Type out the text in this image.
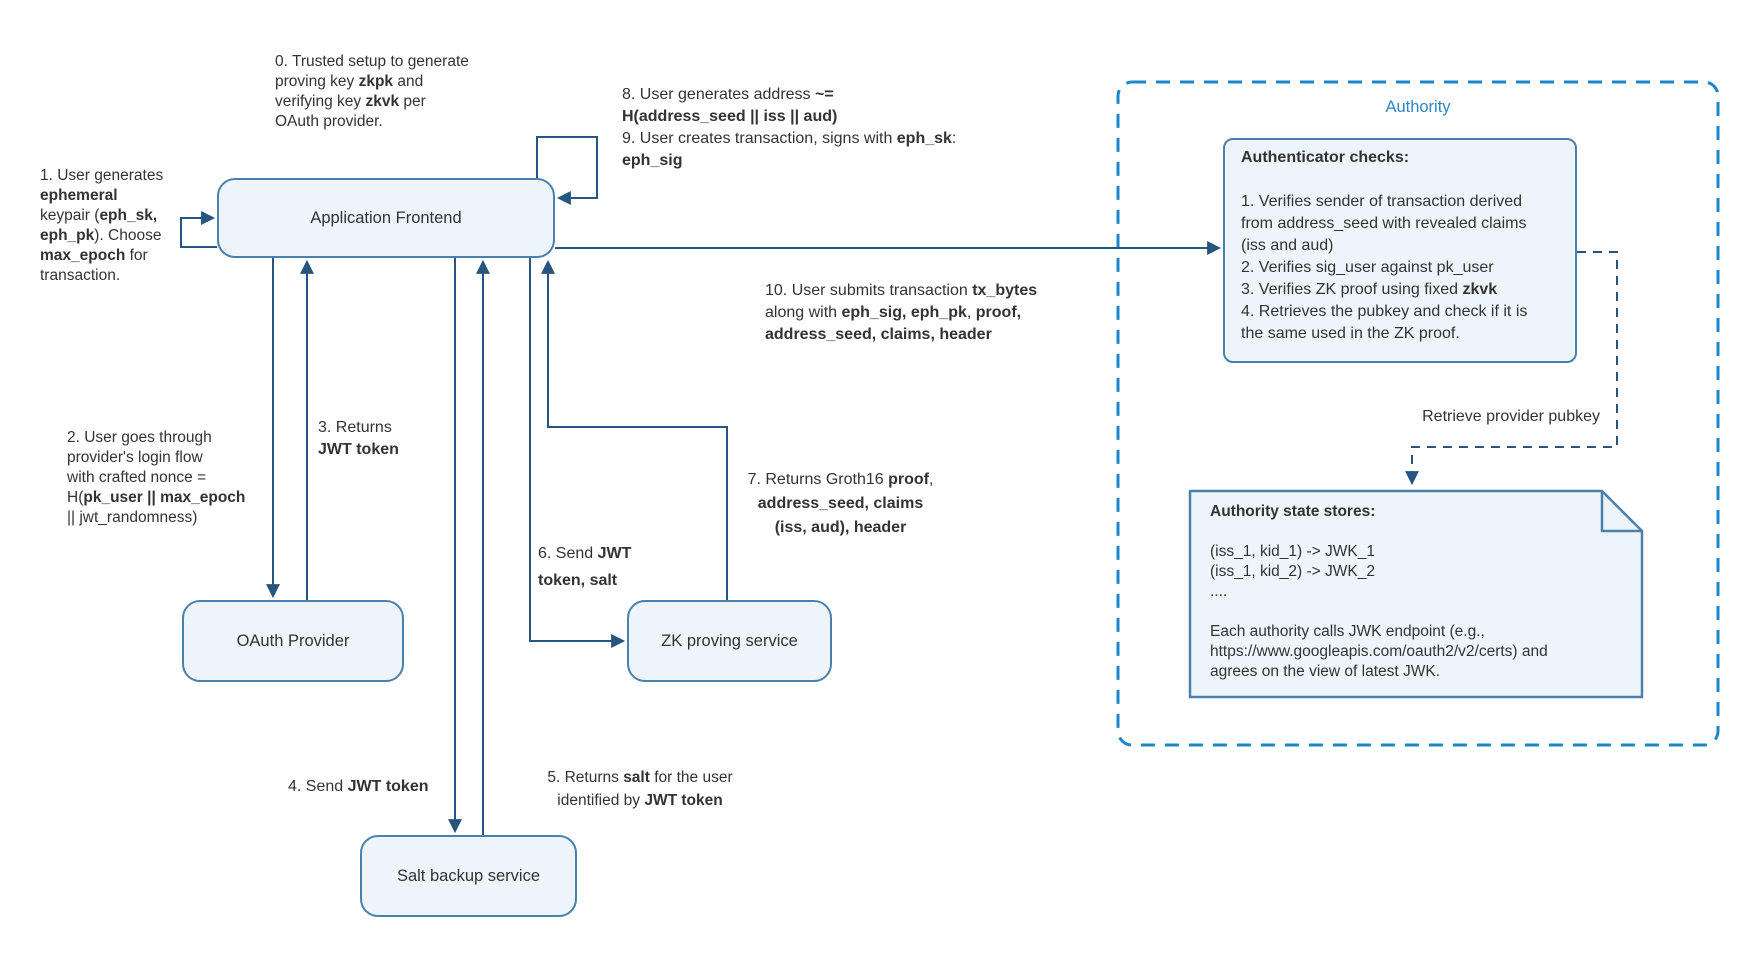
Application Frontend
OAuth Provider	ZK proving service
Salt backup service
Authority
Authenticator checks:

1. Verifies sender of transaction derived
from address_seed with revealed claims
(iss and aud)
2. Verifies sig_user against pk_user
3. Verifies ZK proof using fixed zkvk
4. Retrieves the pubkey and check if it is
the same used in the ZK proof.
Authority state stores:

(iss_1, kid_1) -> JWK_1
(iss_1, kid_2) -> JWK_2
....

Each authority calls JWK endpoint (e.g.,
https://www.googleapis.com/oauth2/v2/certs) and
agrees on the view of latest JWK.
Retrieve provider pubkey
0. Trusted setup to generate
proving key zkpk and
verifying key zkvk per
OAuth provider.
1. User generates
ephemeral
keypair (eph_sk,
eph_pk). Choose
max_epoch for
transaction.
2. User goes through
provider's login flow
with crafted nonce =
H(pk_user || max_epoch
|| jwt_randomness)
3. Returns
JWT token
4. Send JWT token
5. Returns salt for the user
identified by JWT token
6. Send JWT
token, salt
7. Returns Groth16 proof,
address_seed, claims
(iss, aud), header
8. User generates address ~=
H(address_seed || iss || aud)
9. User creates transaction, signs with eph_sk:
eph_sig
10. User submits transaction tx_bytes
along with eph_sig, eph_pk, proof,
address_seed, claims, header
